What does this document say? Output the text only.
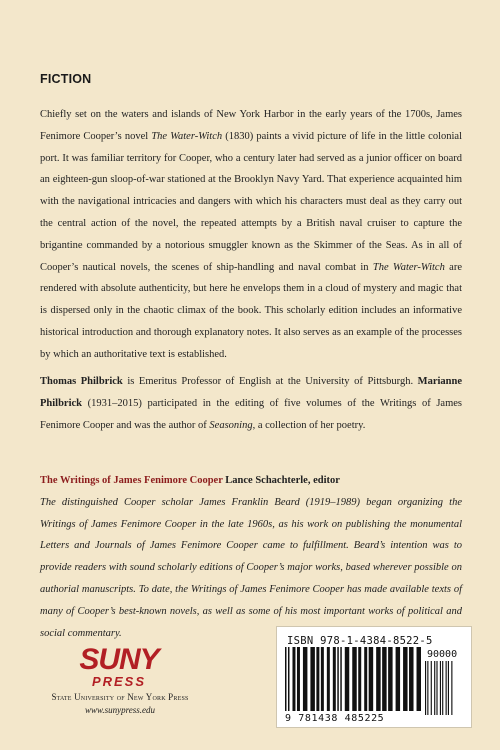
FICTION

Chiefly set on the waters and islands of New York Harbor in the early years of the 1700s, James Fenimore Cooper’s novel The Water-Witch (1830) paints a vivid picture of life in the little colonial port. It was familiar territory for Cooper, who a century later had served as a junior officer on board an eighteen-gun sloop-of-war stationed at the Brooklyn Navy Yard. That experience acquainted him with the navigational intricacies and dangers with which his characters must deal as they carry out the central action of the novel, the repeated attempts by a British naval cruiser to capture the brigantine commanded by a notorious smuggler known as the Skimmer of the Seas. As in all of Cooper’s nautical novels, the scenes of ship-handling and naval combat in The Water-Witch are rendered with absolute authenticity, but here he envelops them in a cloud of mystery and magic that is dispersed only in the chaotic climax of the book. This scholarly edition includes an informative historical introduction and thorough explanatory notes. It also serves as an example of the processes by which an authoritative text is established.

Thomas Philbrick is Emeritus Professor of English at the University of Pittsburgh. Marianne Philbrick (1931–2015) participated in the editing of five volumes of the Writings of James Fenimore Cooper and was the author of Seasoning, a collection of her poetry.

The Writings of James Fenimore Cooper Lance Schachterle, editor

The distinguished Cooper scholar James Franklin Beard (1919–1989) began organizing the Writings of James Fenimore Cooper in the late 1960s, as his work on publishing the monumental Letters and Journals of James Fenimore Cooper came to fulfillment. Beard’s intention was to provide readers with sound scholarly editions of Cooper’s major works, based wherever possible on authorial manuscripts. To date, the Writings of James Fenimore Cooper has made available texts of many of Cooper’s best-known novels, as well as some of his most important works of political and social commentary.

SUNY
PRESS
State University of New York Press
www.sunypress.edu
ISBN 978-1-4384-8522-5
90000
9 781438 485225
